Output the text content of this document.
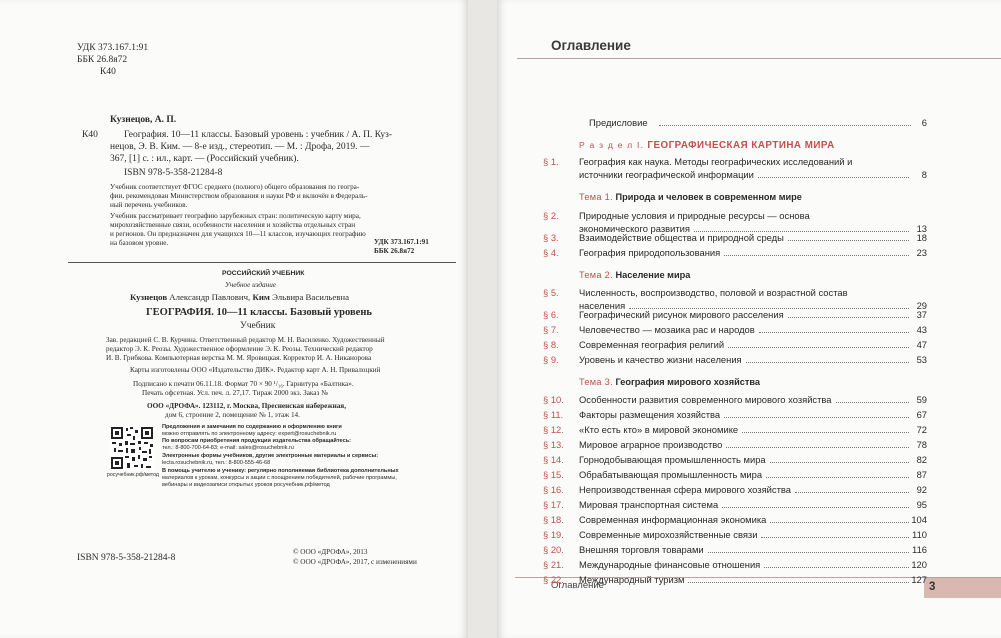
УДК 373.167.1:91
ББК 26.8я72
К40
Кузнецов, А. П.
К40	География. 10—11 классы. Базовый уровень : учебник / А. П. Куз-
нецов, Э. В. Ким. — 8-е изд., стереотип. — М. : Дрофа, 2019. —
367, [1] с. : ил., карт. — (Российский учебник).
ISBN 978-5-358-21284-8
Учебник соответствует ФГОС среднего (полного) общего образования по геогра-
фии, рекомендован Министерством образования и науки РФ и включён в Федераль-
ный перечень учебников.
Учебник рассматривает географию зарубежных стран: политическую карту мира,
мирохозяйственные связи, особенности населения и хозяйства отдельных стран
и регионов. Он предназначен для учащихся 10—11 классов, изучающих географию
на базовом уровне.	УДК 373.167.1:91
ББК 26.8я72
РОССИЙСКИЙ УЧЕБНИК
Учебное издание
Кузнецов Александр Павлович, Ким Эльвира Васильевна
ГЕОГРАФИЯ. 10—11 классы. Базовый уровень
Учебник
Зав. редакцией С. В. Курчина. Ответственный редактор М. Н. Василенко. Художественный
редактор Э. К. Реозы. Художественное оформление Э. К. Реозы. Технический редактор
И. В. Грибкова. Компьютерная верстка М. М. Яровицкая. Корректор И. А. Никанорова
Карты изготовлены ООО «Издательство ДИК». Редактор карт А. Н. Привалоцкий
Подписано к печати 06.11.18. Формат 70 × 90 ¹/₁₆. Гарнитура «Балтика».
Печать офсетная. Усл. печ. л. 27,17. Тираж 2000 экз. Заказ №
ООО «ДРОФА». 123112, г. Москва, Пресненская набережная,
дом 6, строение 2, помещение № 1, этаж 14.
росучебник.рф/метод
Предложения и замечания по содержанию и оформлению книги
можно отправлять по электронному адресу: expert@rosuchebnik.ru
По вопросам приобретения продукции издательства обращайтесь:
тел.: 8-800-700-64-83; e-mail: sales@rosuchebnik.ru
Электронные формы учебников, другие электронные материалы и сервисы:
lecta.rosuchebnik.ru, тел.: 8-800-555-46-68
В помощь учителю и ученику: регулярно пополняемая библиотека дополнительных
материалов к урокам, конкурсы и акции с поощрением победителей, рабочие программы,
вебинары и видеозаписи открытых уроков росучебник.рф/метод
ISBN 978-5-358-21284-8
© ООО «ДРОФА», 2013
© ООО «ДРОФА», 2017, с изменениями
Оглавление
Предисловие	6
Р а з д е л I. ГЕОГРАФИЧЕСКАЯ КАРТИНА МИРА
Тема 1. Природа и человек в современном мире
Тема 2. Население мира
Тема 3. География мирового хозяйства
Оглавление	3
§ 1. География как наука. Методы географических исследований и источники географической информации	8
§ 2. Природные условия и природные ресурсы — основа экономического развития	13
§ 3. Взаимодействие общества и природной среды	18
§ 4. География природопользования	23
§ 5. Численность, воспроизводство, половой и возрастной состав населения	29
§ 6. Географический рисунок мирового расселения	37
§ 7. Человечество — мозаика рас и народов	43
§ 8. Современная география религий	47
§ 9. Уровень и качество жизни населения	53
§ 10. Особенности развития современного мирового хозяйства	59
§ 11. Факторы размещения хозяйства	67
§ 12. «Кто есть кто» в мировой экономике	72
§ 13. Мировое аграрное производство	78
§ 14. Горнодобывающая промышленность мира	82
§ 15. Обрабатывающая промышленность мира	87
§ 16. Непроизводственная сфера мирового хозяйства	92
§ 17. Мировая транспортная система	95
§ 18. Современная информационная экономика	104
§ 19. Современные мирохозяйственные связи	110
§ 20. Внешняя торговля товарами	116
§ 21. Международные финансовые отношения	120
§ 22. Международный туризм	127
